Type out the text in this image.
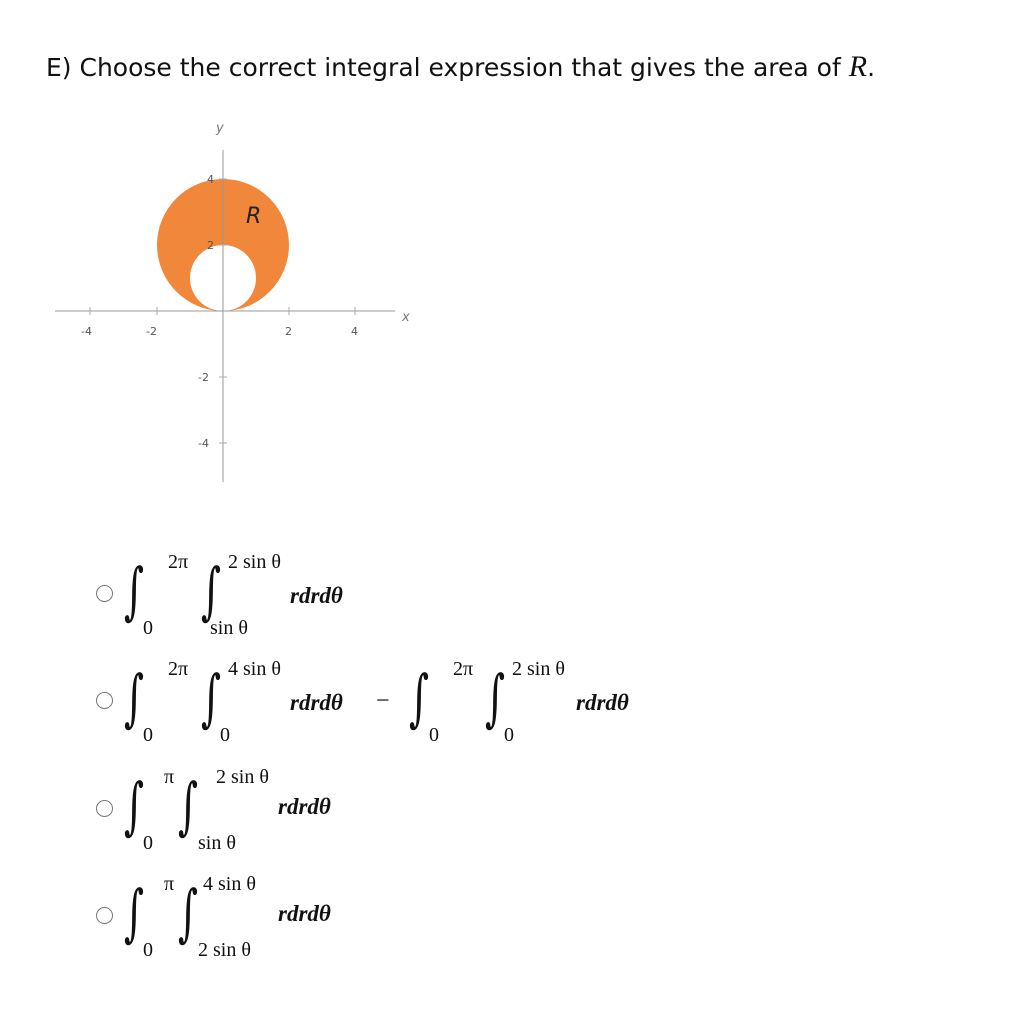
E) Choose the correct integral expression that gives the area of R.
-4	-2	2	4
4
2
-2
-4
y
x
R
∫ 2π
0
∫ 2 sin θ
sin θ
rdrdθ
∫ 2π
0
∫ 4 sin θ
0
rdrdθ − ∫ 2π
0
∫ 2 sin θ
0
rdrdθ
∫ π
0
∫ 2 sin θ
sin θ
rdrdθ
∫ π
0
∫ 4 sin θ
2 sin θ
rdrdθ
